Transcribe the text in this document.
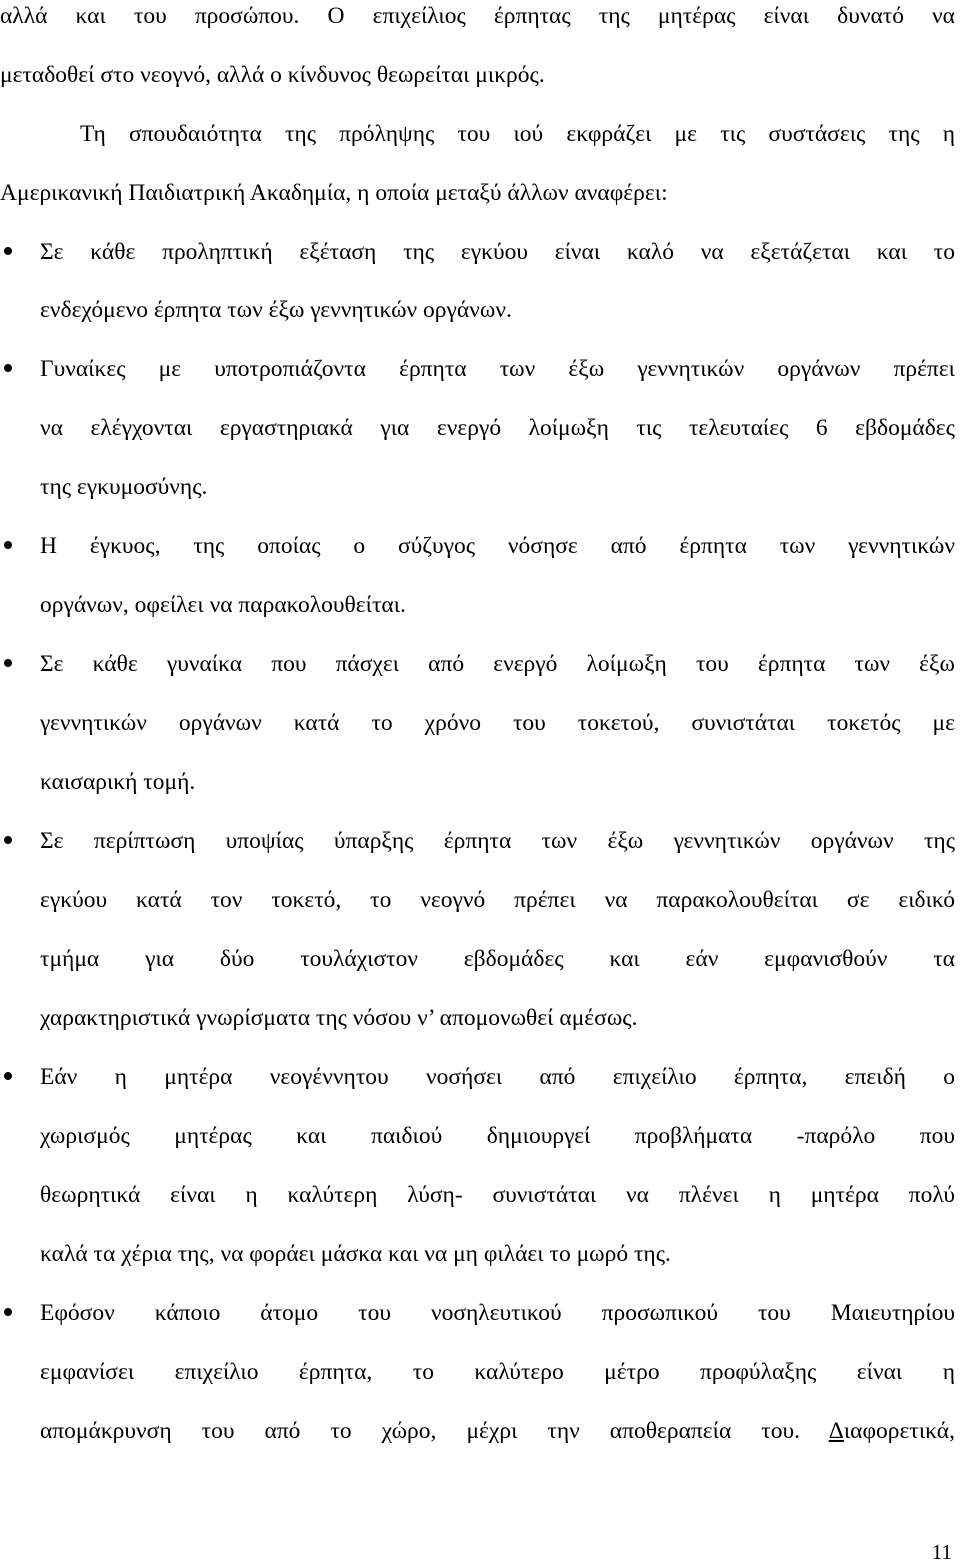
αλλά και του προσώπου. Ο επιχείλιος έρπητας της μητέρας είναι δυνατό να

μεταδοθεί στο νεογνό, αλλά ο κίνδυνος θεωρείται μικρός.

Τη σπουδαιότητα της πρόληψης του ιού εκφράζει με τις συστάσεις της η

Αμερικανική Παιδιατρική Ακαδημία, η οποία μεταξύ άλλων αναφέρει:

Σε κάθε προληπτική εξέταση της εγκύου είναι καλό να εξετάζεται και το

ενδεχόμενο έρπητα των έξω γεννητικών οργάνων.

Γυναίκες με υποτροπιάζοντα έρπητα των έξω γεννητικών οργάνων πρέπει

να ελέγχονται εργαστηριακά για ενεργό λοίμωξη τις τελευταίες 6 εβδομάδες

της εγκυμοσύνης.

Η έγκυος, της οποίας ο σύζυγος νόσησε από έρπητα των γεννητικών

οργάνων, οφείλει να παρακολουθείται.

Σε κάθε γυναίκα που πάσχει από ενεργό λοίμωξη του έρπητα των έξω

γεννητικών οργάνων κατά το χρόνο του τοκετού, συνιστάται τοκετός με

καισαρική τομή.

Σε περίπτωση υποψίας ύπαρξης έρπητα των έξω γεννητικών οργάνων της

εγκύου κατά τον τοκετό, το νεογνό πρέπει να παρακολουθείται σε ειδικό

τμήμα για δύο τουλάχιστον εβδομάδες και εάν εμφανισθούν τα

χαρακτηριστικά γνωρίσματα της νόσου ν’ απομονωθεί αμέσως.

Εάν η μητέρα νεογέννητου νοσήσει από επιχείλιο έρπητα, επειδή ο

χωρισμός μητέρας και παιδιού δημιουργεί προβλήματα -παρόλο που

θεωρητικά είναι η καλύτερη λύση- συνιστάται να πλένει η μητέρα πολύ

καλά τα χέρια της, να φοράει μάσκα και να μη φιλάει το μωρό της.

Εφόσον κάποιο άτομο του νοσηλευτικού προσωπικού του Μαιευτηρίου

εμφανίσει επιχείλιο έρπητα, το καλύτερο μέτρο προφύλαξης είναι η

απομάκρυνση του από το χώρο, μέχρι την αποθεραπεία του. Διαφορετικά,

11
